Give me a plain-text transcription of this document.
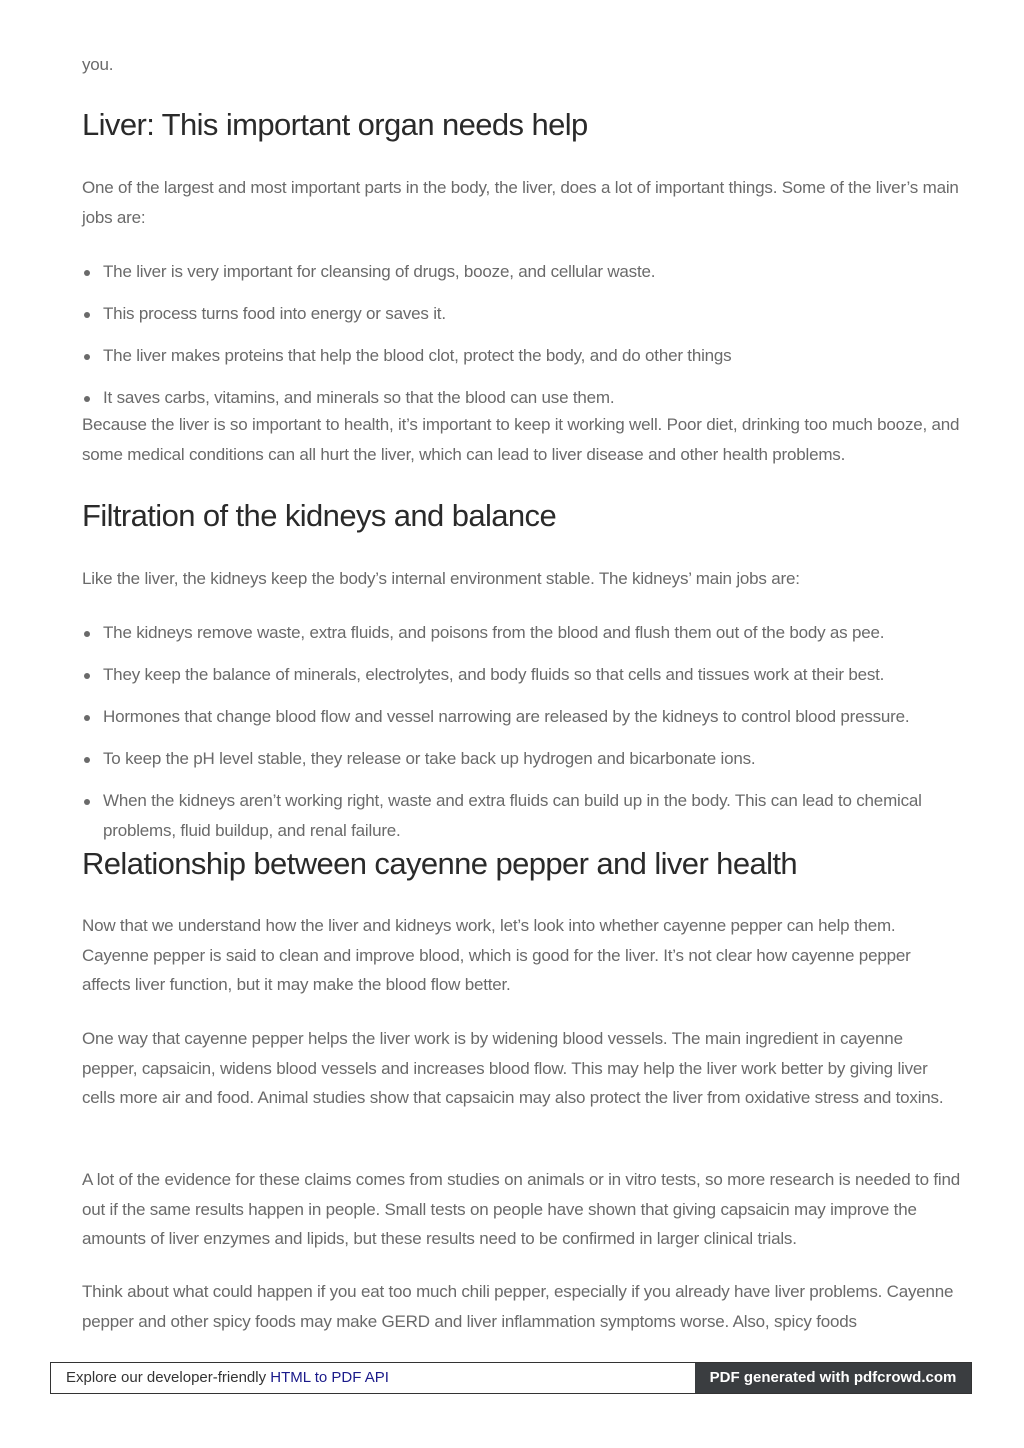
you.

Liver: This important organ needs help

One of the largest and most important parts in the body, the liver, does a lot of important things. Some of the liver’s main jobs are:

The liver is very important for cleansing of drugs, booze, and cellular waste.
This process turns food into energy or saves it.
The liver makes proteins that help the blood clot, protect the body, and do other things
It saves carbs, vitamins, and minerals so that the blood can use them.

Because the liver is so important to health, it’s important to keep it working well. Poor diet, drinking too much booze, and some medical conditions can all hurt the liver, which can lead to liver disease and other health problems.

Filtration of the kidneys and balance

Like the liver, the kidneys keep the body’s internal environment stable. The kidneys’ main jobs are:

The kidneys remove waste, extra fluids, and poisons from the blood and flush them out of the body as pee.
They keep the balance of minerals, electrolytes, and body fluids so that cells and tissues work at their best.
Hormones that change blood flow and vessel narrowing are released by the kidneys to control blood pressure.
To keep the pH level stable, they release or take back up hydrogen and bicarbonate ions.
When the kidneys aren’t working right, waste and extra fluids can build up in the body. This can lead to chemical problems, fluid buildup, and renal failure.
Relationship between cayenne pepper and liver health

Now that we understand how the liver and kidneys work, let’s look into whether cayenne pepper can help them. Cayenne pepper is said to clean and improve blood, which is good for the liver. It’s not clear how cayenne pepper affects liver function, but it may make the blood flow better.

One way that cayenne pepper helps the liver work is by widening blood vessels. The main ingredient in cayenne pepper, capsaicin, widens blood vessels and increases blood flow. This may help the liver work better by giving liver cells more air and food. Animal studies show that capsaicin may also protect the liver from oxidative stress and toxins.

A lot of the evidence for these claims comes from studies on animals or in vitro tests, so more research is needed to find out if the same results happen in people. Small tests on people have shown that giving capsaicin may improve the amounts of liver enzymes and lipids, but these results need to be confirmed in larger clinical trials.

Think about what could happen if you eat too much chili pepper, especially if you already have liver problems. Cayenne pepper and other spicy foods may make GERD and liver inflammation symptoms worse. Also, spicy foods

Explore our developer-friendly HTML to PDF API	PDF generated with pdfcrowd.com
